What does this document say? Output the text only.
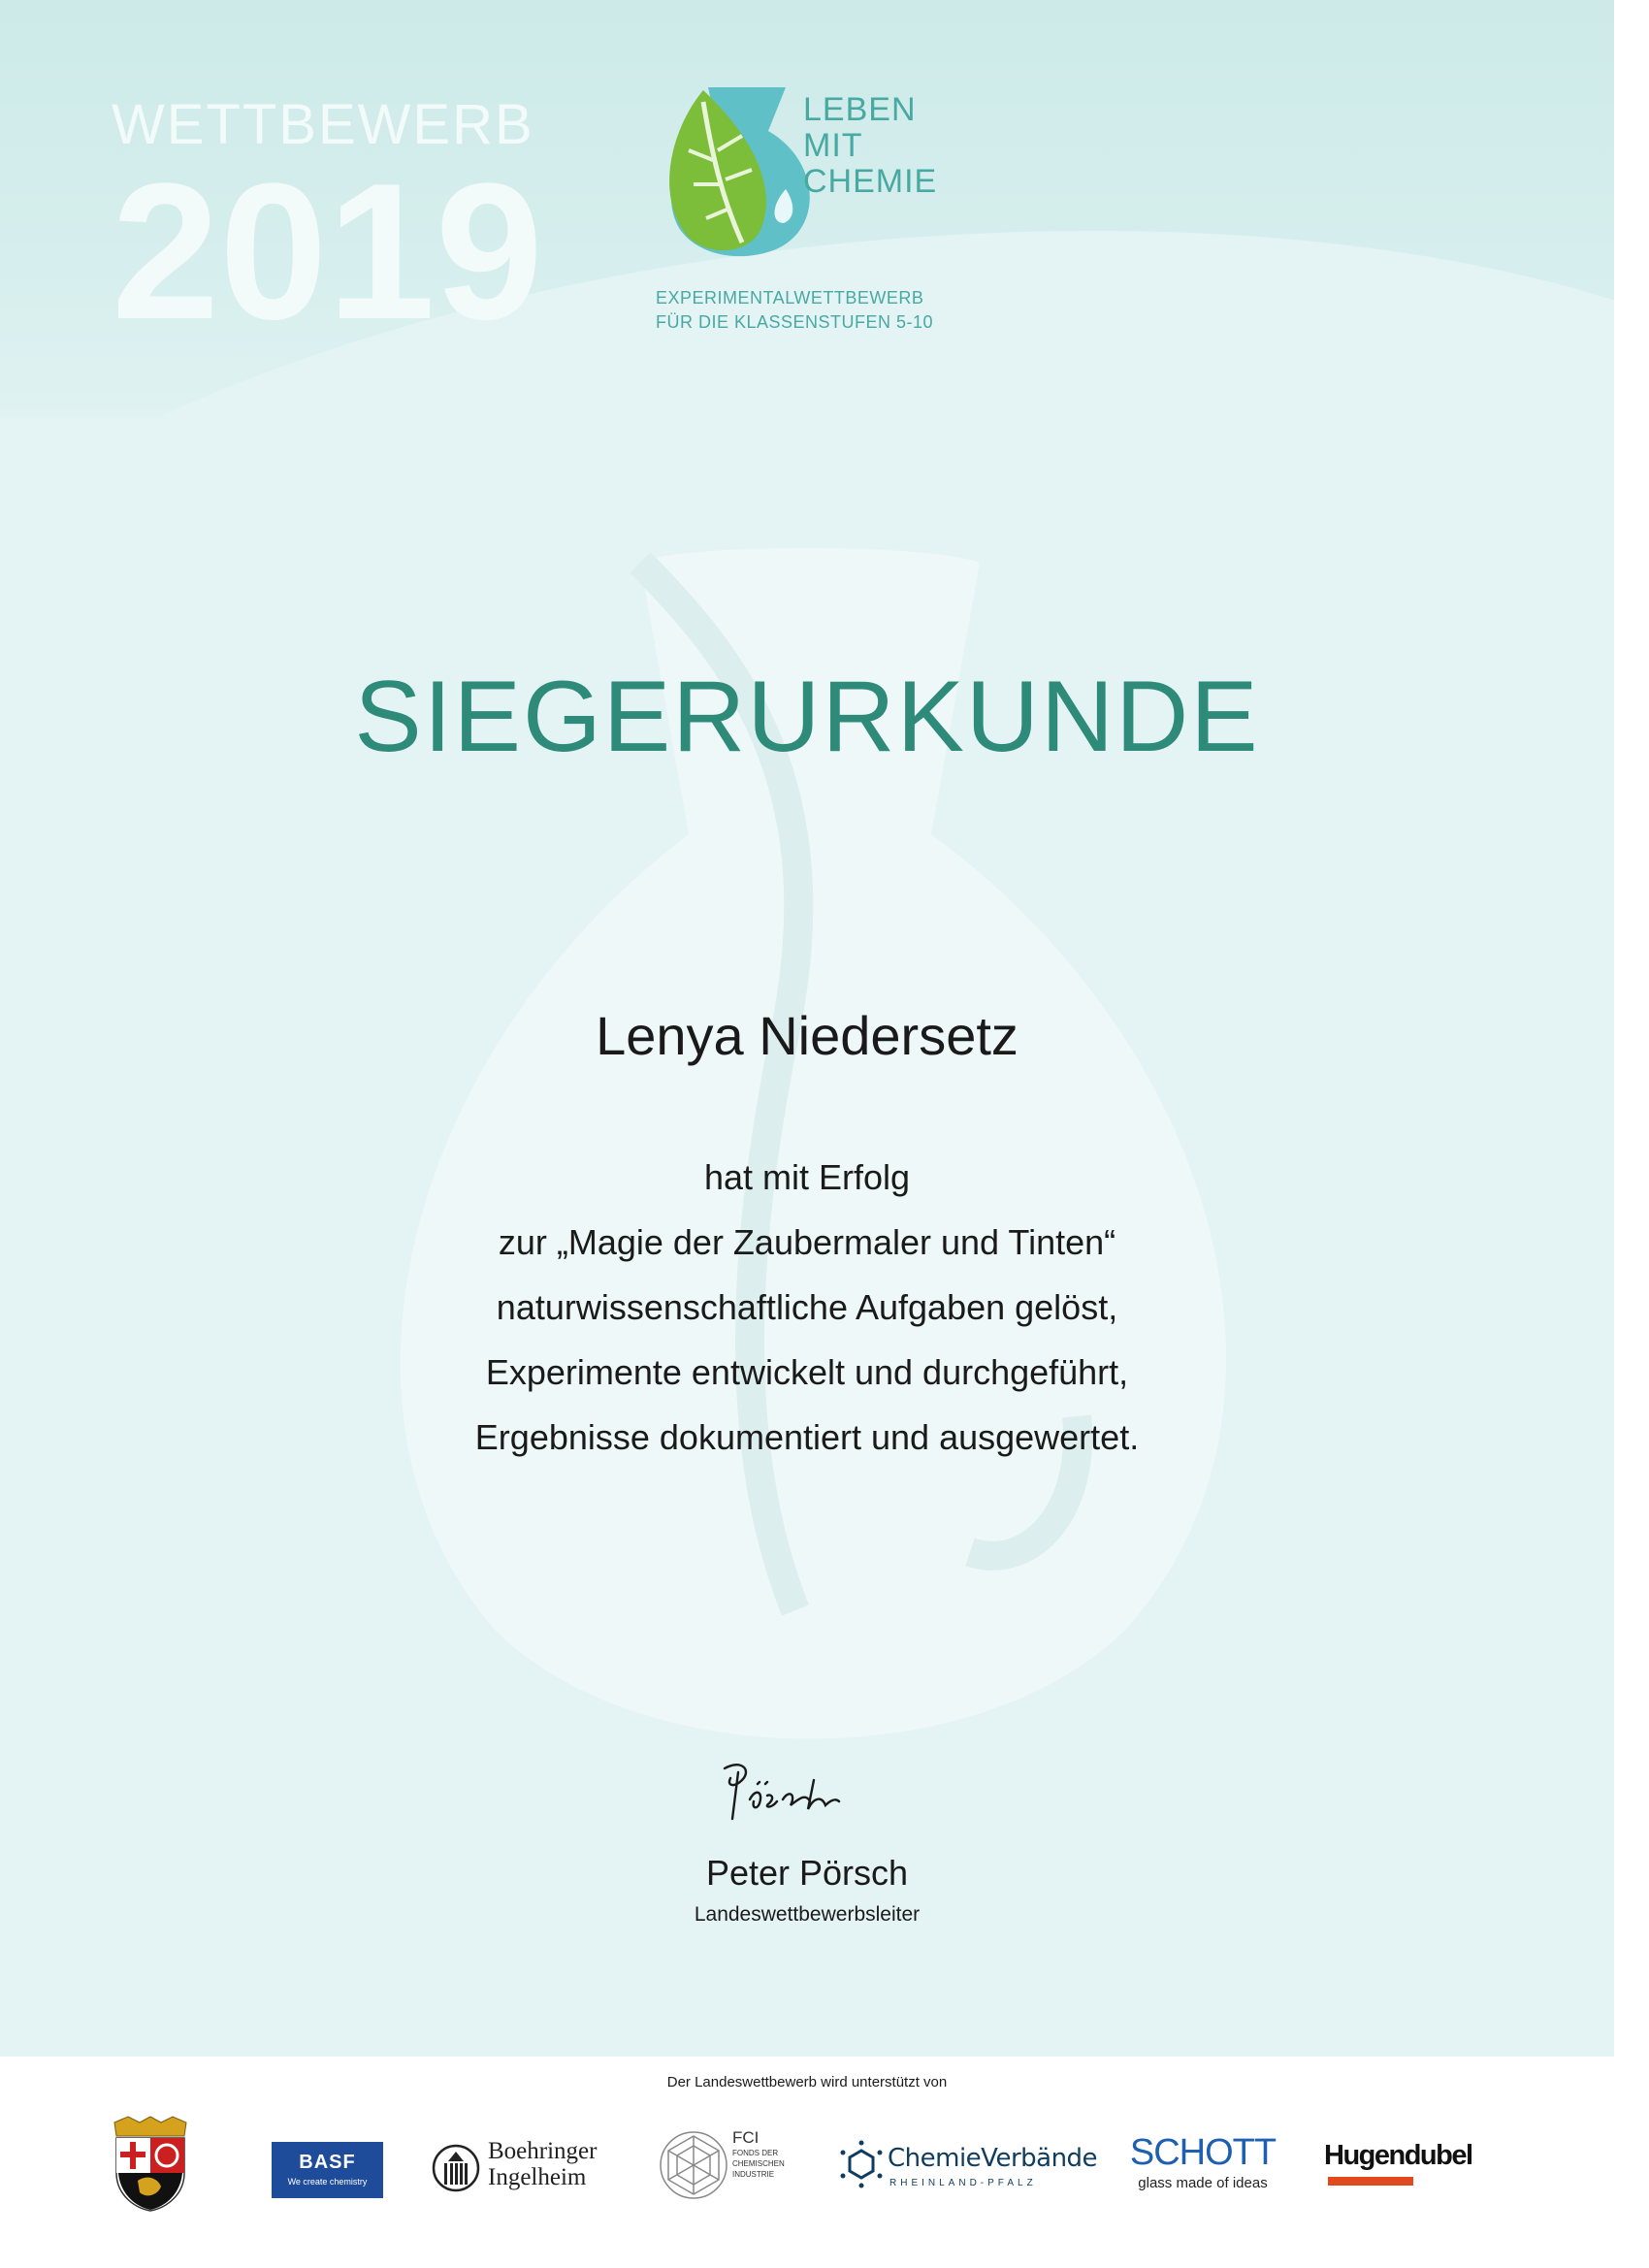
WETTBEWERB
2019
LEBEN
MIT
CHEMIE
EXPERIMENTALWETTBEWERB
FÜR DIE KLASSENSTUFEN 5-10
SIEGERURKUNDE
Lenya Niedersetz
hat mit Erfolg
zur „Magie der Zaubermaler und Tinten“
naturwissenschaftliche Aufgaben gelöst,
Experimente entwickelt und durchgeführt,
Ergebnisse dokumentiert und ausgewertet.
Peter Pörsch
Landeswettbewerbsleiter
Der Landeswettbewerb wird unterstützt von
BASF
We create chemistry
Boehringer
Ingelheim
FCI
FONDS DER
CHEMISCHEN
INDUSTRIE
ChemieVerbände
RHEINLAND-PFALZ
SCHOTT
glass made of ideas
Hugendubel
